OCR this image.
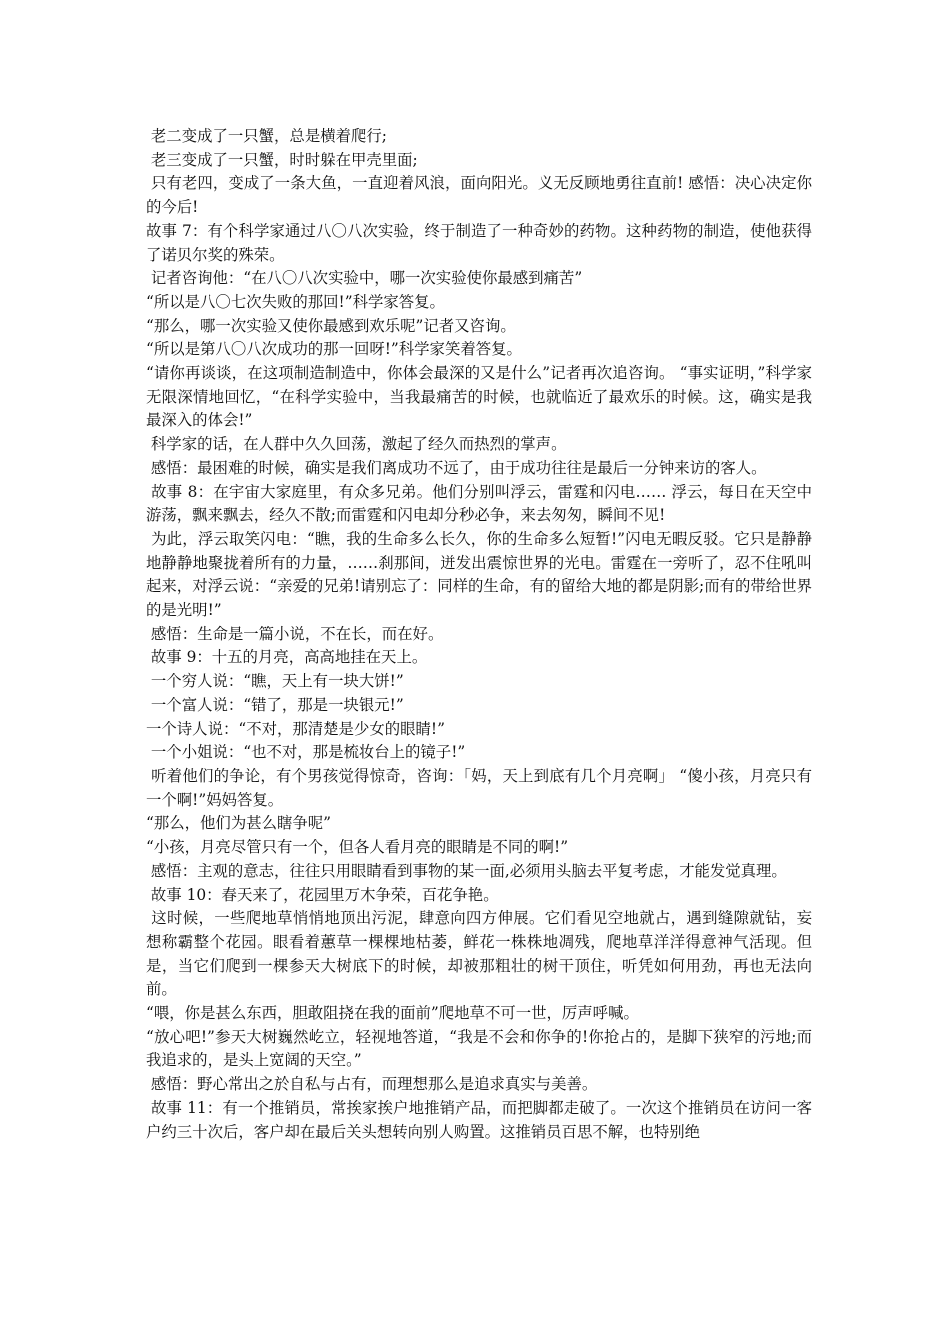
老二变成了一只蟹，总是横着爬行;

老三变成了一只蟹，时时躲在甲壳里面;

只有老四，变成了一条大鱼，一直迎着风浪，面向阳光。义无反顾地勇往直前! 感悟：决心决定你的今后!

故事 7：有个科学家通过八〇八次实验，终于制造了一种奇妙的药物。这种药物的制造，使他获得了诺贝尔奖的殊荣。

记者咨询他：“在八〇八次实验中，哪一次实验使你最感到痛苦”

“所以是八〇七次失败的那回!”科学家答复。

“那么，哪一次实验又使你最感到欢乐呢”记者又咨询。

“所以是第八〇八次成功的那一回呀!”科学家笑着答复。

“请你再谈谈，在这项制造制造中，你体会最深的又是什么”记者再次追咨询。 “事实证明，”科学家无限深情地回忆，“在科学实验中，当我最痛苦的时候，也就临近了最欢乐的时候。这，确实是我最深入的体会!”

科学家的话，在人群中久久回荡，激起了经久而热烈的掌声。

感悟：最困难的时候，确实是我们离成功不远了，由于成功往往是最后一分钟来访的客人。

故事 8：在宇宙大家庭里，有众多兄弟。他们分别叫浮云，雷霆和闪电…… 浮云，每日在天空中游荡，飘来飘去，经久不散;而雷霆和闪电却分秒必争，来去匆匆，瞬间不见!

为此，浮云取笑闪电：“瞧，我的生命多么长久，你的生命多么短暂!”闪电无暇反驳。它只是静静地静静地聚拢着所有的力量，……刹那间，迸发出震惊世界的光电。雷霆在一旁听了，忍不住吼叫起来，对浮云说：“亲爱的兄弟!请别忘了：同样的生命，有的留给大地的都是阴影;而有的带给世界的是光明!”

感悟：生命是一篇小说，不在长，而在好。

故事 9：十五的月亮，高高地挂在天上。

一个穷人说：“瞧，天上有一块大饼!”

一个富人说：“错了，那是一块银元!”

一个诗人说：“不对，那清楚是少女的眼睛!”

一个小姐说：“也不对，那是梳妆台上的镜子!”

听着他们的争论，有个男孩觉得惊奇，咨询：「妈，天上到底有几个月亮啊」 “傻小孩，月亮只有一个啊!”妈妈答复。

“那么，他们为甚么瞎争呢”

“小孩，月亮尽管只有一个，但各人看月亮的眼睛是不同的啊!”

感悟：主观的意志，往往只用眼睛看到事物的某一面,必须用头脑去平复考虑，才能发觉真理。

故事 10：春天来了，花园里万木争荣，百花争艳。

这时候，一些爬地草悄悄地顶出污泥，肆意向四方伸展。它们看见空地就占，遇到缝隙就钻，妄想称霸整个花园。眼看着蕙草一棵棵地枯萎，鲜花一株株地凋残，爬地草洋洋得意神气活现。但是，当它们爬到一棵参天大树底下的时候，却被那粗壮的树干顶住，听凭如何用劲，再也无法向前。

“喂，你是甚么东西，胆敢阻挠在我的面前”爬地草不可一世，厉声呼喊。

“放心吧!”参天大树巍然屹立，轻视地答道，“我是不会和你争的!你抢占的，是脚下狭窄的污地;而我追求的，是头上宽阔的天空。”

感悟：野心常出之於自私与占有，而理想那么是追求真实与美善。

故事 11：有一个推销员，常挨家挨户地推销产品，而把脚都走破了。一次这个推销员在访问一客户约三十次后，客户却在最后关头想转向别人购置。这推销员百思不解，也特别绝
